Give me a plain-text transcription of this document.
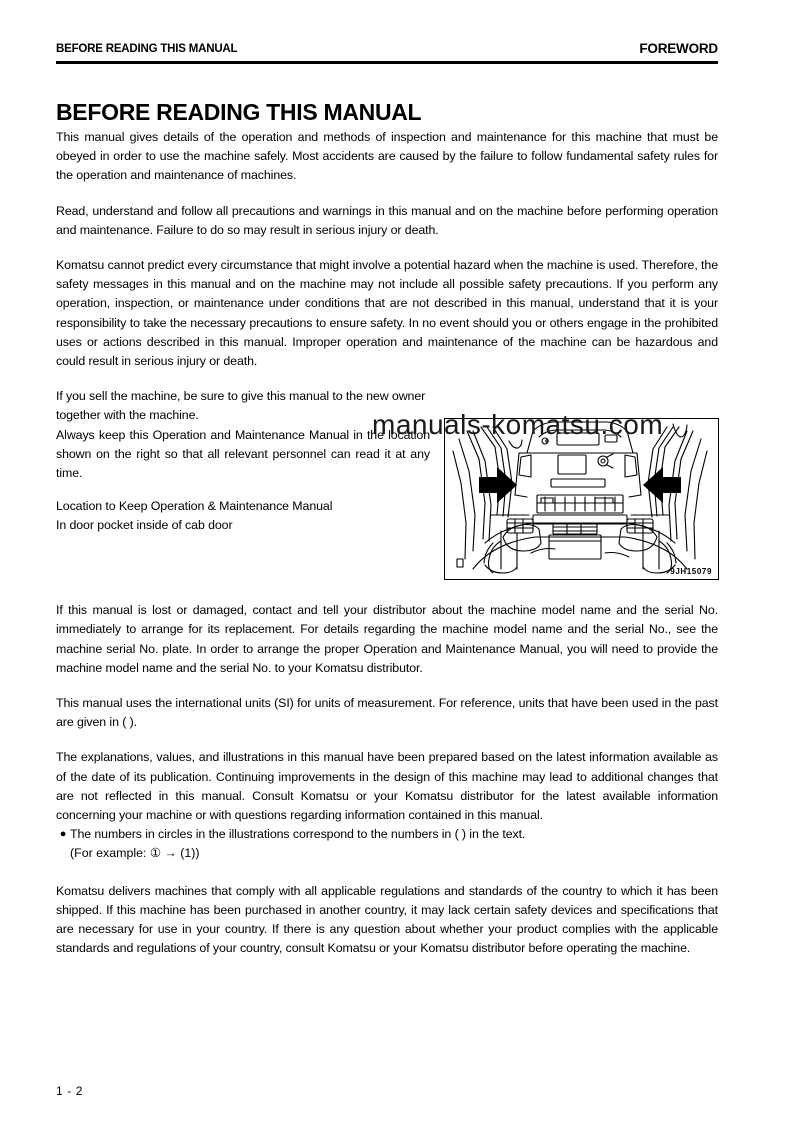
BEFORE READING THIS MANUAL	FOREWORD
BEFORE READING THIS MANUAL

This manual gives details of the operation and methods of inspection and maintenance for this machine that must be obeyed in order to use the machine safely. Most accidents are caused by the failure to follow fundamental safety rules for the operation and maintenance of machines.

Read, understand and follow all precautions and warnings in this manual and on the machine before performing operation and maintenance. Failure to do so may result in serious injury or death.

Komatsu cannot predict every circumstance that might involve a potential hazard when the machine is used. Therefore, the safety messages in this manual and on the machine may not include all possible safety precautions. If you perform any operation, inspection, or maintenance under conditions that are not described in this manual, understand that it is your responsibility to take the necessary precautions to ensure safety. In no event should you or others engage in the prohibited uses or actions described in this manual. Improper operation and maintenance of the machine can be hazardous and could result in serious injury or death.

If you sell the machine, be sure to give this manual to the new owner together with the machine.

Always keep this Operation and Maintenance Manual in the location shown on the right so that all relevant personnel can read it at any time.

Location to Keep Operation & Maintenance Manual

In door pocket inside of cab door

If this manual is lost or damaged, contact and tell your distributor about the machine model name and the serial No. immediately to arrange for its replacement. For details regarding the machine model name and the serial No., see the machine serial No. plate. In order to arrange the proper Operation and Maintenance Manual, you will need to provide the machine model name and the serial No. to your Komatsu distributor.

This manual uses the international units (SI) for units of measurement. For reference, units that have been used in the past are given in ( ).

The explanations, values, and illustrations in this manual have been prepared based on the latest information available as of the date of its publication. Continuing improvements in the design of this machine may lead to additional changes that are not reflected in this manual. Consult Komatsu or your Komatsu distributor for the latest available information concerning your machine or with questions regarding information contained in this manual.

● The numbers in circles in the illustrations correspond to the numbers in ( ) in the text.
(For example: ① → (1))

Komatsu delivers machines that comply with all applicable regulations and standards of the country to which it has been shipped. If this machine has been purchased in another country, it may lack certain safety devices and specifications that are necessary for use in your country. If there is any question about whether your product complies with the applicable standards and regulations of your country, consult Komatsu or your Komatsu distributor before operating the machine.

9JH15079
manuals-komatsu.com
1 - 2
